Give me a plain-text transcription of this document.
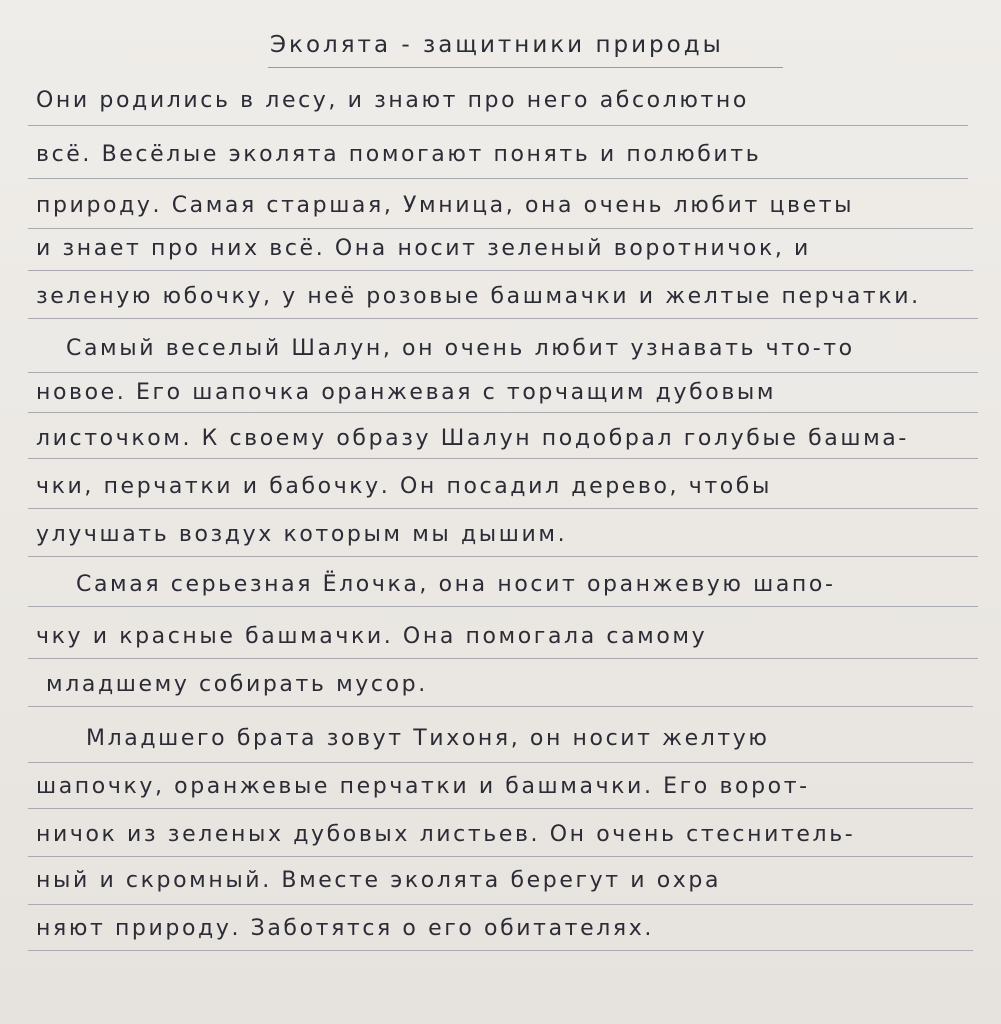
Эколята - защитники природы
Они родились в лесу, и знают про него абсолютно
всё. Весёлые эколята помогают понять и полюбить
природу. Самая старшая, Умница, она очень любит цветы
и знает про них всё. Она носит зеленый воротничок, и
зеленую юбочку, у неё розовые башмачки и желтые перчатки.
Самый веселый Шалун, он очень любит узнавать что-то
новое. Его шапочка оранжевая с торчащим дубовым
листочком. К своему образу Шалун подобрал голубые башма-
чки, перчатки и бабочку. Он посадил дерево, чтобы
улучшать воздух которым мы дышим.
Самая серьезная Ёлочка, она носит оранжевую шапо-
чку и красные башмачки. Она помогала самому
младшему собирать мусор.
Младшего брата зовут Тихоня, он носит желтую
шапочку, оранжевые перчатки и башмачки. Его ворот-
ничок из зеленых дубовых листьев. Он очень стеснитель-
ный и скромный. Вместе эколята берегут и охра
няют природу. Заботятся о его обитателях.
